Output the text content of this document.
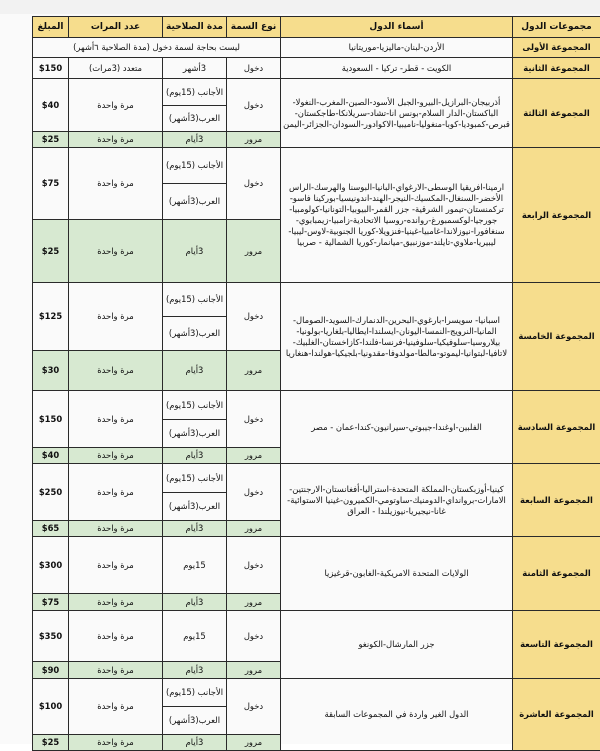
مجموعات الدول	أسماء الدول	نوع السمة	مدة الصلاحية	عدد المرات	المبلغ
المجموعة الأولى	الأردن-لبنان-ماليزيا-موريتانيا	ليست بحاجة لسمة دخول (مدة الصلاحية ٦أشهر)			
المجموعة الثانية	الكويت - قطر- تركيا - السعودية	دخول	3أشهر	متعدد (3مرات)	$150
المجموعة الثالثة	أذربيجان-البرازيل-البيرو-الجبل الأسود-الصين-المغرب-النغولا-الباكستان-الدار السلام-بونس انا-تشاد-سريلانكا-طاجكستان-قبرص-كمبوديا-كوبا-منغوليا-ناميبيا-الاكوادور-السودان-الجزائر-اليمن	دخول	الأجانب (15يوم)	مرة واحدة	$40
			العرب(3أشهر)		
		مرور	3أيام	مرة واحدة	$25
المجموعة الرابعة	ارمينا-افريقيا الوسطى-الارغواي-البانيا-البوسنا والهرسك-الراس الأخضر-السنغال-المكسيك-النيجر-الهند-اندونيسيا-بوركينا فاسو-تركمنستان-تيمور الشرقية- جزر القمر-البيوبيا-التونانيا-كولومبيا-جورجيا-لوكسمبورغ-روانده-روسيا الاتحادية-زامبيا-زيمبابوي-سنغافورا-نيوزلاندا-غامبيا-غينيا-فنزويلا-كوريا الجنوبية-لاوس-ليبيا-ليبيريا-ملاوي-تايلند-موزنبيق-ميانمار-كوريا الشمالية - صربيا	دخول	الأجانب (15يوم)	مرة واحدة	$75
			العرب(3أشهر)		
		مرور	3أيام	مرة واحدة	$25
المجموعة الخامسة	اسبانيا- سويسرا-بارغوي-البحرين-الدنمارك-السويد-الصومال-المانيا-النرويج-النمسا-اليونان-ايسلندا-ايطاليا-بلغاريا-بولونيا-بيلاروسيا-سلوفيكيا-سلوفينيا-فرنسا-فلندا-كازاخستان-الغلبيك-لاتافيا-لبتوانيا-ليموتو-مالطا-مولدوفا-مقدونيا-بلجيكيا-هولندا-هنغاريا	دخول	الأجانب (15يوم)	مرة واحدة	$125
			العرب(3أشهر)		
		مرور	3أيام	مرة واحدة	$30
المجموعة السادسة	الفلبين-اوغندا-جيبوتي-سيرانيون-كندا-عمان - مصر	دخول	الأجانب (15يوم)	مرة واحدة	$150
			العرب(3أشهر)		
		مرور	3أيام	مرة واحدة	$40
المجموعة السابعة	كينيا-أوزبكستان-المملكة المتحدة-استراليا-أفغانستان-الارجنتين-الامارات-بروانداي-الدومنيك-ساوتومي-الكميرون-غينيا الاستوائية-غانا-نيجيريا-نيوزيلندا - العراق	دخول	الأجانب (15يوم)	مرة واحدة	$250
			العرب(3أشهر)		
		مرور	3أيام	مرة واحدة	$65
المجموعة الثامنة	الولايات المتحدة الامريكية-الغابون-قرغيزيا	دخول	15يوم	مرة واحدة	$300
		مرور	3أيام	مرة واحدة	$75
المجموعة التاسعة	جزر المارشال-الكونغو	دخول	15يوم	مرة واحدة	$350
		مرور	3أيام	مرة واحدة	$90
المجموعة العاشرة	الدول الغير واردة في المجموعات السابقة	دخول	الأجانب (15يوم)	مرة واحدة	$100
			العرب(3أشهر)		
		مرور	3أيام	مرة واحدة	$25
